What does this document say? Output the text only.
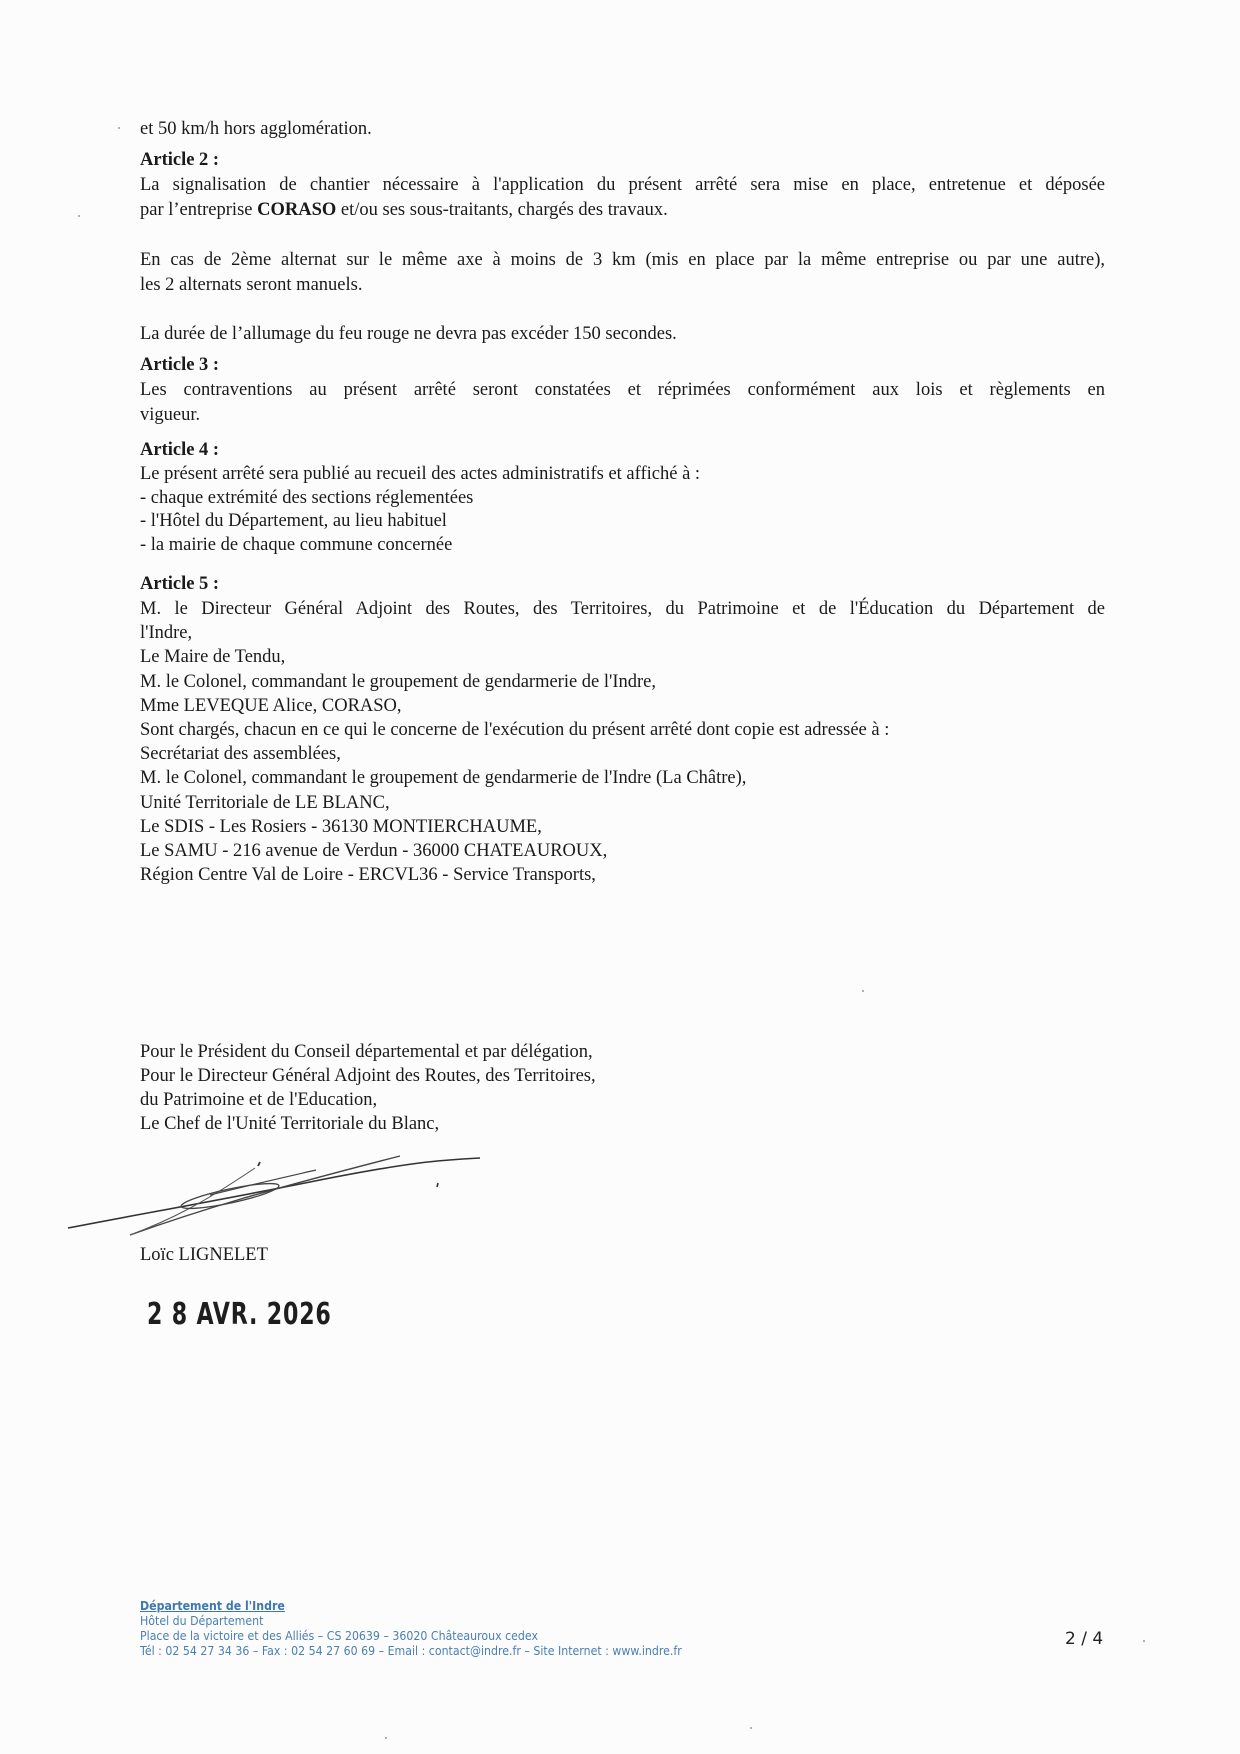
et 50 km/h hors agglomération.

Article 2 :

La signalisation de chantier nécessaire à l'application du présent arrêté sera mise en place, entretenue et déposée
par l’entreprise CORASO et/ou ses sous-traitants, chargés des travaux.

En cas de 2ème alternat sur le même axe à moins de 3 km (mis en place par la même entreprise ou par une autre),
les 2 alternats seront manuels.

La durée de l’allumage du feu rouge ne devra pas excéder 150 secondes.

Article 3 :

Les contraventions au présent arrêté seront constatées et réprimées conformément aux lois et règlements en
vigueur.

Article 4 :

Le présent arrêté sera publié au recueil des actes administratifs et affiché à :
- chaque extrémité des sections réglementées
- l'Hôtel du Département, au lieu habituel
- la mairie de chaque commune concernée

Article 5 :

M. le Directeur Général Adjoint des Routes, des Territoires, du Patrimoine et de l'Éducation du Département de
l'Indre,
Le Maire de Tendu,
M. le Colonel, commandant le groupement de gendarmerie de l'Indre,
Mme LEVEQUE Alice, CORASO,
Sont chargés, chacun en ce qui le concerne de l'exécution du présent arrêté dont copie est adressée à :
Secrétariat des assemblées,
M. le Colonel, commandant le groupement de gendarmerie de l'Indre (La Châtre),
Unité Territoriale de LE BLANC,
Le SDIS - Les Rosiers - 36130 MONTIERCHAUME,
Le SAMU - 216 avenue de Verdun - 36000 CHATEAUROUX,
Région Centre Val de Loire - ERCVL36 - Service Transports,

Pour le Président du Conseil départemental et par délégation,
Pour le Directeur Général Adjoint des Routes, des Territoires,
du Patrimoine et de l'Education,
Le Chef de l'Unité Territoriale du Blanc,
Loïc LIGNELET
2 8 AVR. 2026
Département de l'Indre
Hôtel du Département
Place de la victoire et des Alliés – CS 20639 – 36020 Châteauroux cedex
Tél : 02 54 27 34 36 – Fax : 02 54 27 60 69 – Email : contact@indre.fr – Site Internet : www.indre.fr
2 / 4
